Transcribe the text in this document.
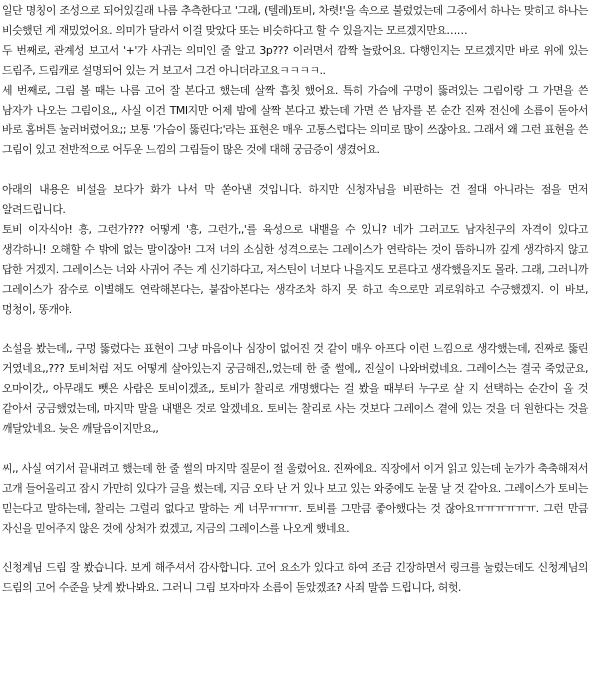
일단 명칭이 조성으로 되어있길래 나름 추측한다고 '그래, (텔레)토비, 차렷!'을 속으로 불렀었는데 그중에서 하나는 맞히고 하나는 비슷했던 게 재밌었어요. 의미가 달라서 이걸 맞았다 또는 비슷하다고 할 수 있을지는 모르겠지만요……

두 번째로, 관계성 보고서 '+'가 사귀는 의미인 줄 알고 3p??? 이러면서 깜짝 놀랐어요. 다행인지는 모르겠지만 바로 위에 있는 드림주, 드림캐로 설명되어 있는 거 보고서 그건 아니더라고요ㅋㅋㅋㅋ..

세 번째로, 그림 볼 때는 나름 고어 잘 본다고 했는데 살짝 흠칫 했어요. 특히 가슴에 구멍이 뚫려있는 그림이랑 그 가면을 쓴 남자가 나오는 그림이요,, 사실 이건 TMI지만 어제 밤에 살짝 본다고 봤는데 가면 쓴 남자를 본 순간 진짜 전신에 소름이 돋아서 바로 홈버튼 눌러버렸어요;; 보통 '가슴이 뚫린다;'라는 표현은 매우 고통스럽다는 의미로 많이 쓰잖아요. 그래서 왜 그런 표현을 쓴 그림이 있고 전반적으로 어두운 느낌의 그림들이 많은 것에 대해 궁금증이 생겼어요.

아래의 내용은 비설을 보다가 화가 나서 막 쏟아낸 것입니다. 하지만 신청자님을 비판하는 건 절대 아니라는 점을 먼저 알려드립니다.

토비 이자식아! 흥, 그런가??? 어떻게 '흥, 그런가,,'를 육성으로 내뱉을 수 있니? 네가 그러고도 남자친구의 자격이 있다고 생각하니! 오해할 수 밖에 없는 말이잖아! 그저 너의 소심한 성격으로는 그레이스가 연락하는 것이 뜸하니까 깊게 생각하지 않고 답한 거겠지. 그레이스는 너와 사귀어 주는 게 신기하다고, 저스틴이 너보다 나을지도 모른다고 생각했을지도 몰라. 그래, 그러니까 그레이스가 잠수로 이별해도 연락해본다는, 붙잡아본다는 생각조차 하지 못 하고 속으로만 괴로워하고 수긍했겠지. 이 바보, 멍청이, 똥개야.

소설을 봤는데,, 구멍 뚫렸다는 표현이 그냥 마음이나 심장이 없어진 것 같이 매우 아프다 이런 느낌으로 생각했는데, 진짜로 뚫린 거였네요,,??? 토비처럼 저도 어떻게 살아있는지 궁금해진,,었는데 한 줄 썰에,, 진실이 나와버렸네요. 그레이스는 결국 죽었군요, 오마이갓,, 아무래도 뺏은 사람은 토비이겠죠,, 토비가 찰리로 개명했다는 걸 봤을 때부터 누구로 살 지 선택하는 순간이 올 것 같아서 궁금했었는데, 마지막 말을 내뱉은 것로 알겠네요. 토비는 찰리로 사는 것보다 그레이스 곁에 있는 것을 더 원한다는 것을 깨달았네요. 늦은 깨달음이지만요,,

씨,, 사실 여기서 끝내려고 했는데 한 줄 썰의 마지막 질문이 절 울렸어요. 진짜에요. 직장에서 이거 읽고 있는데 눈가가 축축해져서 고개 들어올리고 잠시 가만히 있다가 글을 썼는데, 지금 오타 난 거 있나 보고 있는 와중에도 눈물 날 것 같아요. 그레이스가 토비는 믿는다고 말하는데, 찰리는 그럴리 없다고 말하는 게 너무ㅠㅠㅠ. 토비를 그만큼 좋아했다는 것 잖아요ㅠㅠㅠㅠㅠㅠ. 그런 만큼 자신을 믿어주지 않은 것에 상처가 컸겠고, 지금의 그레이스를 나오게 했네요.

신청계님 드림 잘 봤습니다. 보게 해주셔서 감사합니다. 고어 요소가 있다고 하여 조금 긴장하면서 링크를 눌렀는데도 신청계님의 드림의 고어 수준을 낮게 봤나봐요. 그러니 그림 보자마자 소름이 돋았겠죠? 사죄 말씀 드립니다, 허헛.
